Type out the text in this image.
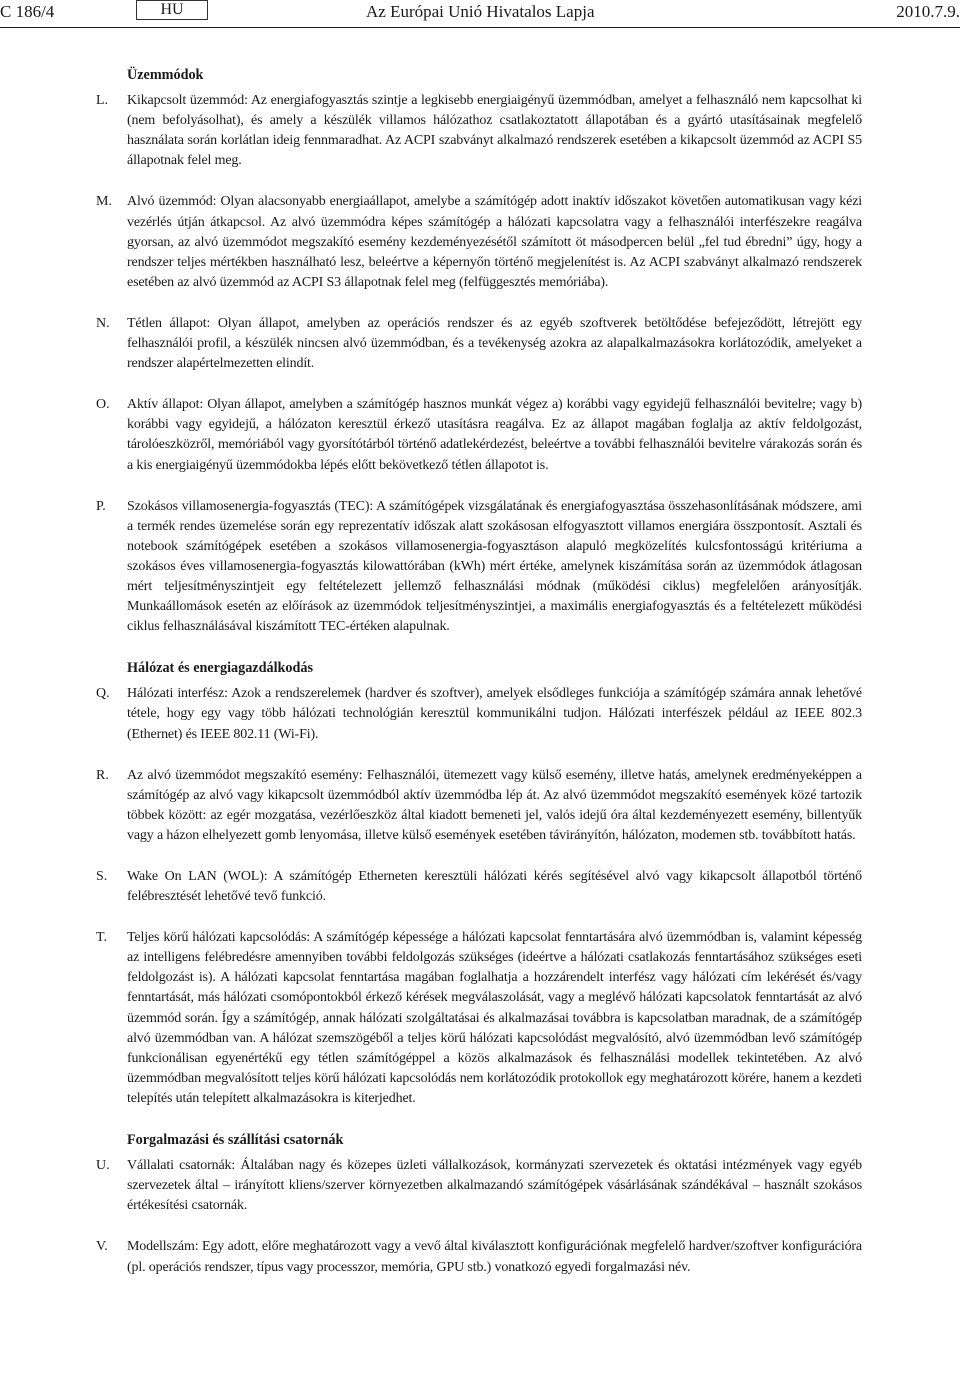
C 186/4	HU	Az Európai Unió Hivatalos Lapja	2010.7.9.
Üzemmódok
L.	Kikapcsolt üzemmód: Az energiafogyasztás szintje a legkisebb energiaigényű üzemmódban, amelyet a felhasználó nem kapcsolhat ki (nem befolyásolhat), és amely a készülék villamos hálózathoz csatlakoztatott állapotában és a gyártó utasításainak megfelelő használata során korlátlan ideig fennmaradhat. Az ACPI szabványt alkalmazó rendszerek esetében a kikapcsolt üzemmód az ACPI S5 állapotnak felel meg.
M.	Alvó üzemmód: Olyan alacsonyabb energiaállapot, amelybe a számítógép adott inaktív időszakot követően automatikusan vagy kézi vezérlés útján átkapcsol. Az alvó üzemmódra képes számítógép a hálózati kapcsolatra vagy a felhasználói interfészekre reagálva gyorsan, az alvó üzemmódot megszakító esemény kezdeményezésétől számított öt másodpercen belül „fel tud ébredni” úgy, hogy a rendszer teljes mértékben használható lesz, beleértve a képernyőn történő megjelenítést is. Az ACPI szabványt alkalmazó rendszerek esetében az alvó üzemmód az ACPI S3 állapotnak felel meg (felfüggesztés memóriába).
N.	Tétlen állapot: Olyan állapot, amelyben az operációs rendszer és az egyéb szoftverek betöltődése befejeződött, létrejött egy felhasználói profil, a készülék nincsen alvó üzemmódban, és a tevékenység azokra az alapalkalmazásokra korlátozódik, amelyeket a rendszer alapértelmezetten elindít.
O.	Aktív állapot: Olyan állapot, amelyben a számítógép hasznos munkát végez a) korábbi vagy egyidejű felhasználói bevitelre; vagy b) korábbi vagy egyidejű, a hálózaton keresztül érkező utasításra reagálva. Ez az állapot magában foglalja az aktív feldolgozást, tárolóeszközről, memóriából vagy gyorsítótárból történő adatlekérdezést, beleértve a további felhasználói bevitelre várakozás során és a kis energiaigényű üzemmódokba lépés előtt bekövetkező tétlen állapotot is.
P.	Szokásos villamosenergia-fogyasztás (TEC): A számítógépek vizsgálatának és energiafogyasztása összehasonlításának módszere, ami a termék rendes üzemelése során egy reprezentatív időszak alatt szokásosan elfogyasztott villamos energiára összpontosít. Asztali és notebook számítógépek esetében a szokásos villamosenergia-fogyasztáson alapuló megközelítés kulcsfontosságú kritériuma a szokásos éves villamosenergia-fogyasztás kilowattórában (kWh) mért értéke, amelynek kiszámítása során az üzemmódok átlagosan mért teljesítményszintjeit egy feltételezett jellemző felhasználási módnak (működési ciklus) megfelelően arányosítják. Munkaállomások esetén az előírások az üzemmódok teljesítményszintjei, a maximális energiafogyasztás és a feltételezett működési ciklus felhasználásával kiszámított TEC-értéken alapulnak.
Hálózat és energiagazdálkodás
Q.	Hálózati interfész: Azok a rendszerelemek (hardver és szoftver), amelyek elsődleges funkciója a számítógép számára annak lehetővé tétele, hogy egy vagy több hálózati technológián keresztül kommunikálni tudjon. Hálózati interfészek például az IEEE 802.3 (Ethernet) és IEEE 802.11 (Wi-Fi).
R.	Az alvó üzemmódot megszakító esemény: Felhasználói, ütemezett vagy külső esemény, illetve hatás, amelynek eredményeképpen a számítógép az alvó vagy kikapcsolt üzemmódból aktív üzemmódba lép át. Az alvó üzemmódot megszakító események közé tartozik többek között: az egér mozgatása, vezérlőeszköz által kiadott bemeneti jel, valós idejű óra által kezdeményezett esemény, billentyűk vagy a házon elhelyezett gomb lenyomása, illetve külső események esetében távirányítón, hálózaton, modemen stb. továbbított hatás.
S.	Wake On LAN (WOL): A számítógép Etherneten keresztüli hálózati kérés segítésével alvó vagy kikapcsolt állapotból történő felébresztését lehetővé tevő funkció.
T.	Teljes körű hálózati kapcsolódás: A számítógép képessége a hálózati kapcsolat fenntartására alvó üzemmódban is, valamint képesség az intelligens felébredésre amennyiben további feldolgozás szükséges (ideértve a hálózati csatlakozás fenntartásához szükséges eseti feldolgozást is). A hálózati kapcsolat fenntartása magában foglalhatja a hozzárendelt interfész vagy hálózati cím lekérését és/vagy fenntartását, más hálózati csomópontokból érkező kérések megválaszolását, vagy a meglévő hálózati kapcsolatok fenntartását az alvó üzemmód során. Így a számítógép, annak hálózati szolgáltatásai és alkalmazásai továbbra is kapcsolatban maradnak, de a számítógép alvó üzemmódban van. A hálózat szemszögéből a teljes körű hálózati kapcsolódást megvalósító, alvó üzemmódban levő számítógép funkcionálisan egyenértékű egy tétlen számítógéppel a közös alkalmazások és felhasználási modellek tekintetében. Az alvó üzemmódban megvalósított teljes körű hálózati kapcsolódás nem korlátozódik protokollok egy meghatározott körére, hanem a kezdeti telepítés után telepített alkalmazásokra is kiterjedhet.
Forgalmazási és szállítási csatornák
U.	Vállalati csatornák: Általában nagy és közepes üzleti vállalkozások, kormányzati szervezetek és oktatási intézmények vagy egyéb szervezetek által – irányított kliens/szerver környezetben alkalmazandó számítógépek vásárlásának szándékával – használt szokásos értékesítési csatornák.
V.	Modellszám: Egy adott, előre meghatározott vagy a vevő által kiválasztott konfigurációnak megfelelő hardver/szoftver konfigurációra (pl. operációs rendszer, típus vagy processzor, memória, GPU stb.) vonatkozó egyedi forgalmazási név.
